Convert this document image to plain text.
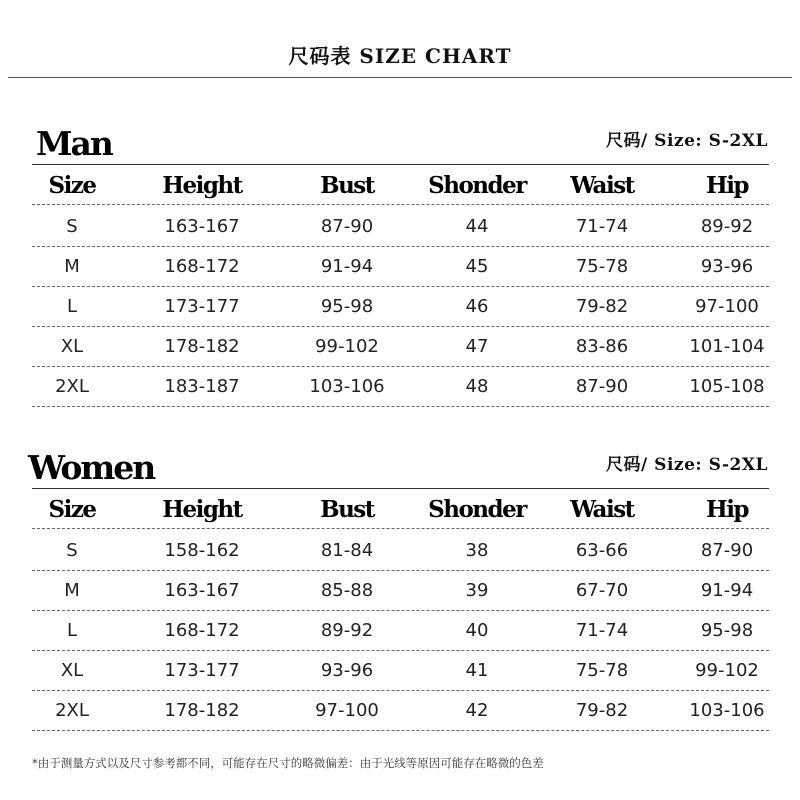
尺码表 SIZE CHART
Man	尺码/ Size: S-2XL
Size	Height	Bust	Shonder	Waist	Hip
S	163-167	87-90	44	71-74	89-92
M	168-172	91-94	45	75-78	93-96
L	173-177	95-98	46	79-82	97-100
XL	178-182	99-102	47	83-86	101-104
2XL	183-187	103-106	48	87-90	105-108
Women	尺码/ Size: S-2XL
Size	Height	Bust	Shonder	Waist	Hip
S	158-162	81-84	38	63-66	87-90
M	163-167	85-88	39	67-70	91-94
L	168-172	89-92	40	71-74	95-98
XL	173-177	93-96	41	75-78	99-102
2XL	178-182	97-100	42	79-82	103-106
*由于测量方式以及尺寸参考都不同，可能存在尺寸的略微偏差：由于光线等原因可能存在略微的色差
